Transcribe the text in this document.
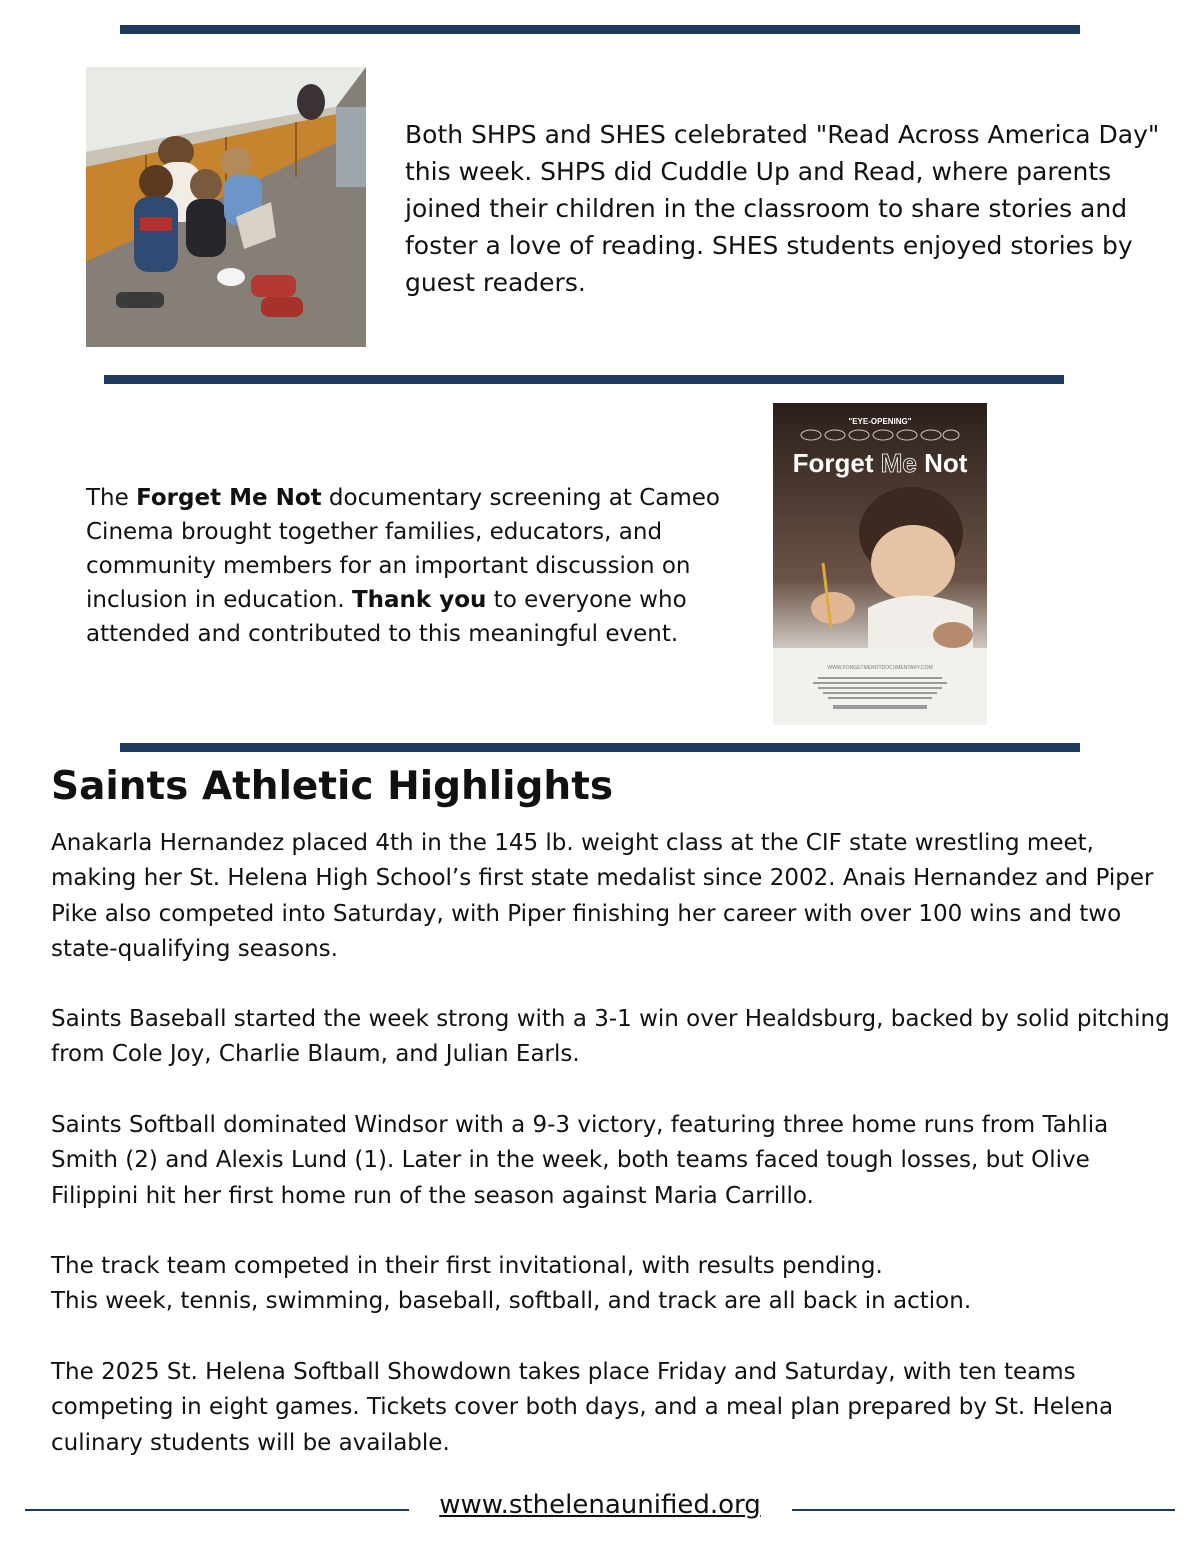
Both SHPS and SHES celebrated "Read Across America Day" this week. SHPS did Cuddle Up and Read, where parents joined their children in the classroom to share stories and foster a love of reading. SHES students enjoyed stories by guest readers.

The Forget Me Not documentary screening at Cameo Cinema brought together families, educators, and community members for an important discussion on inclusion in education. Thank you to everyone who attended and contributed to this meaningful event.

"EYE-OPENING"
Forget Me Not
WWW.FORGETMENOTDOCUMENTARY.COM
Saints Athletic Highlights

Anakarla Hernandez placed 4th in the 145 lb. weight class at the CIF state wrestling meet, making her St. Helena High School’s first state medalist since 2002. Anais Hernandez and Piper Pike also competed into Saturday, with Piper finishing her career with over 100 wins and two state-qualifying seasons.

Saints Baseball started the week strong with a 3-1 win over Healdsburg, backed by solid pitching from Cole Joy, Charlie Blaum, and Julian Earls.

Saints Softball dominated Windsor with a 9-3 victory, featuring three home runs from Tahlia Smith (2) and Alexis Lund (1). Later in the week, both teams faced tough losses, but Olive Filippini hit her first home run of the season against Maria Carrillo.

The track team competed in their first invitational, with results pending.
This week, tennis, swimming, baseball, softball, and track are all back in action.

The 2025 St. Helena Softball Showdown takes place Friday and Saturday, with ten teams competing in eight games. Tickets cover both days, and a meal plan prepared by St. Helena culinary students will be available.

www.sthelenaunified.org
